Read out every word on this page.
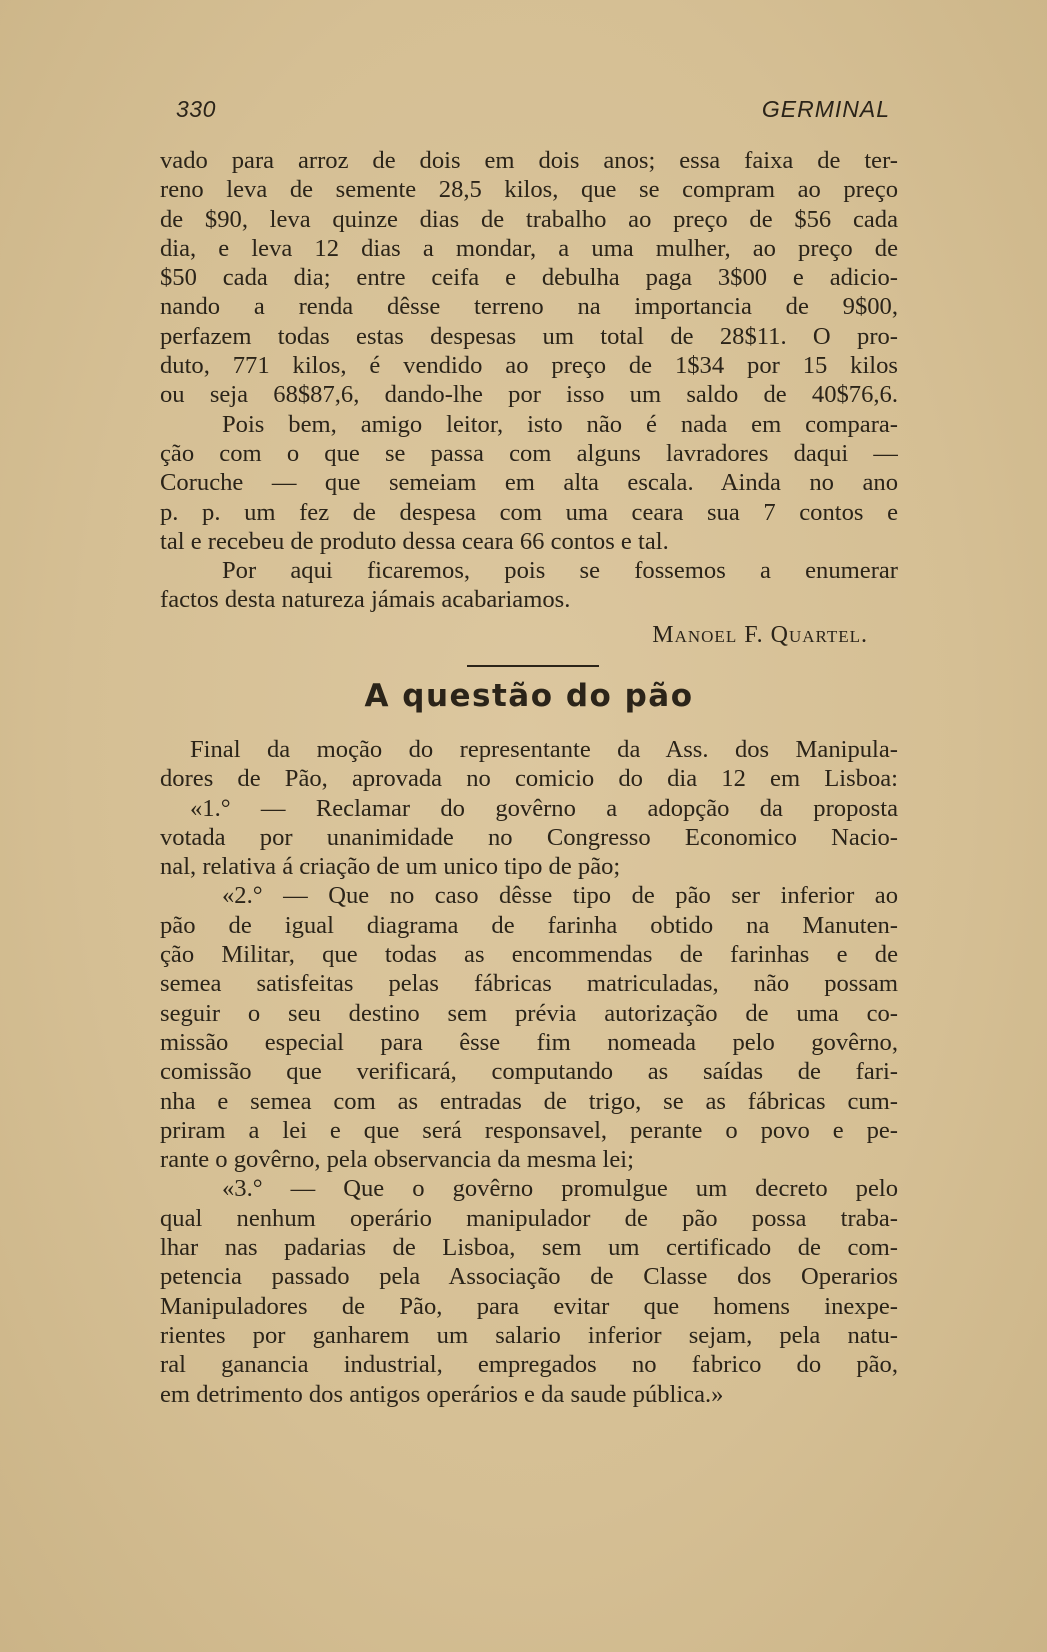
330	GERMINAL
vado para arroz de dois em dois anos; essa faixa de ter-
reno leva de semente 28,5 kilos, que se compram ao preço
de $90, leva quinze dias de trabalho ao preço de $56 cada
dia, e leva 12 dias a mondar, a uma mulher, ao preço de
$50 cada dia; entre ceifa e debulha paga 3$00 e adicio-
nando a renda dêsse terreno na importancia de 9$00,
perfazem todas estas despesas um total de 28$11. O pro-
duto, 771 kilos, é vendido ao preço de 1$34 por 15 kilos
ou seja 68$87,6, dando-lhe por isso um saldo de 40$76,6.
Pois bem, amigo leitor, isto não é nada em compara-
ção com o que se passa com alguns lavradores daqui —
Coruche — que semeiam em alta escala. Ainda no ano
p. p. um fez de despesa com uma ceara sua 7 contos e
tal e recebeu de produto dessa ceara 66 contos e tal.
Por aqui ficaremos, pois se fossemos a enumerar
factos desta natureza jámais acabariamos.
Manoel F. Quartel.
A questão do pão
Final da moção do representante da Ass. dos Manipula-
dores de Pão, aprovada no comicio do dia 12 em Lisboa:
«1.° — Reclamar do govêrno a adopção da proposta
votada por unanimidade no Congresso Economico Nacio-
nal, relativa á criação de um unico tipo de pão;
«2.° — Que no caso dêsse tipo de pão ser inferior ao
pão de igual diagrama de farinha obtido na Manuten-
ção Militar, que todas as encommendas de farinhas e de
semea satisfeitas pelas fábricas matriculadas, não possam
seguir o seu destino sem prévia autorização de uma co-
missão especial para êsse fim nomeada pelo govêrno,
comissão que verificará, computando as saídas de fari-
nha e semea com as entradas de trigo, se as fábricas cum-
priram a lei e que será responsavel, perante o povo e pe-
rante o govêrno, pela observancia da mesma lei;
«3.° — Que o govêrno promulgue um decreto pelo
qual nenhum operário manipulador de pão possa traba-
lhar nas padarias de Lisboa, sem um certificado de com-
petencia passado pela Associação de Classe dos Operarios
Manipuladores de Pão, para evitar que homens inexpe-
rientes por ganharem um salario inferior sejam, pela natu-
ral ganancia industrial, empregados no fabrico do pão,
em detrimento dos antigos operários e da saude pública.»
